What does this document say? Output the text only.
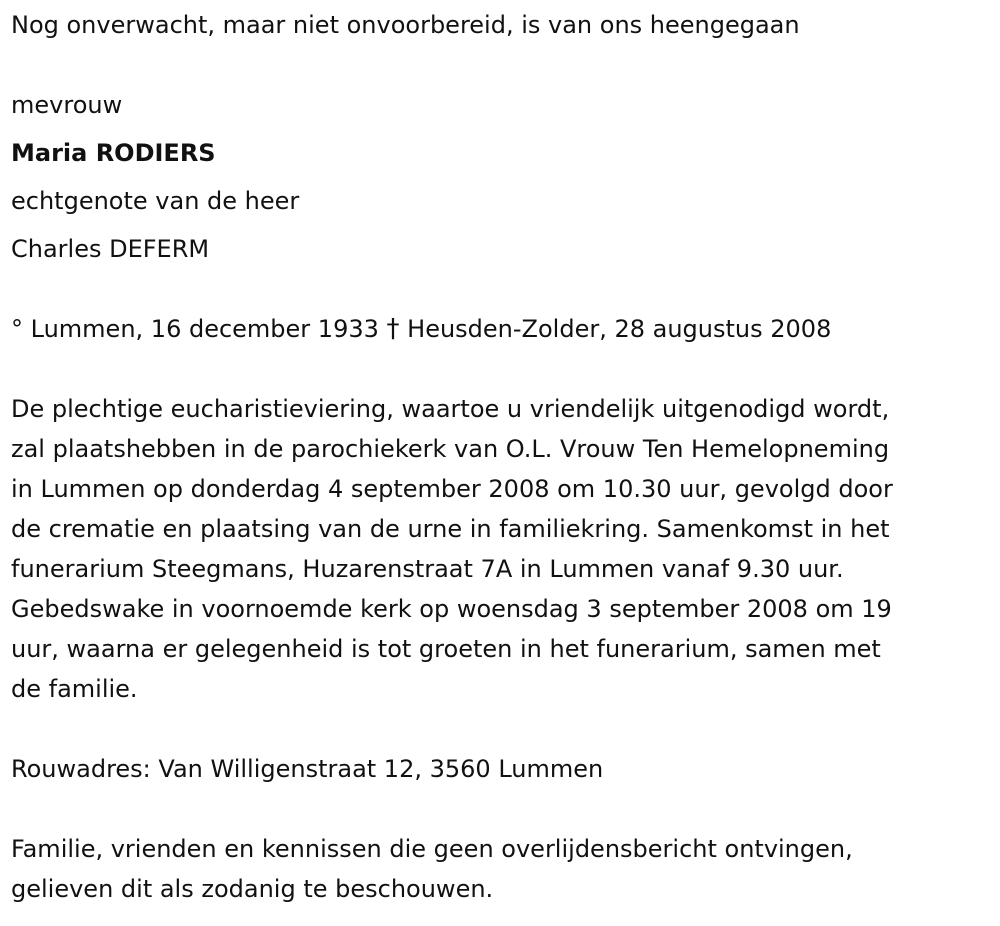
Nog onverwacht, maar niet onvoorbereid, is van ons heengegaan
mevrouw
Maria RODIERS
echtgenote van de heer
Charles DEFERM
° Lummen, 16 december 1933 † Heusden-Zolder, 28 augustus 2008
De plechtige eucharistieviering, waartoe u vriendelijk uitgenodigd wordt,
zal plaatshebben in de parochiekerk van O.L. Vrouw Ten Hemelopneming
in Lummen op donderdag 4 september 2008 om 10.30 uur, gevolgd door
de crematie en plaatsing van de urne in familiekring. Samenkomst in het
funerarium Steegmans, Huzarenstraat 7A in Lummen vanaf 9.30 uur.
Gebedswake in voornoemde kerk op woensdag 3 september 2008 om 19
uur, waarna er gelegenheid is tot groeten in het funerarium, samen met
de familie.
Rouwadres: Van Willigenstraat 12, 3560 Lummen
Familie, vrienden en kennissen die geen overlijdensbericht ontvingen,
gelieven dit als zodanig te beschouwen.
